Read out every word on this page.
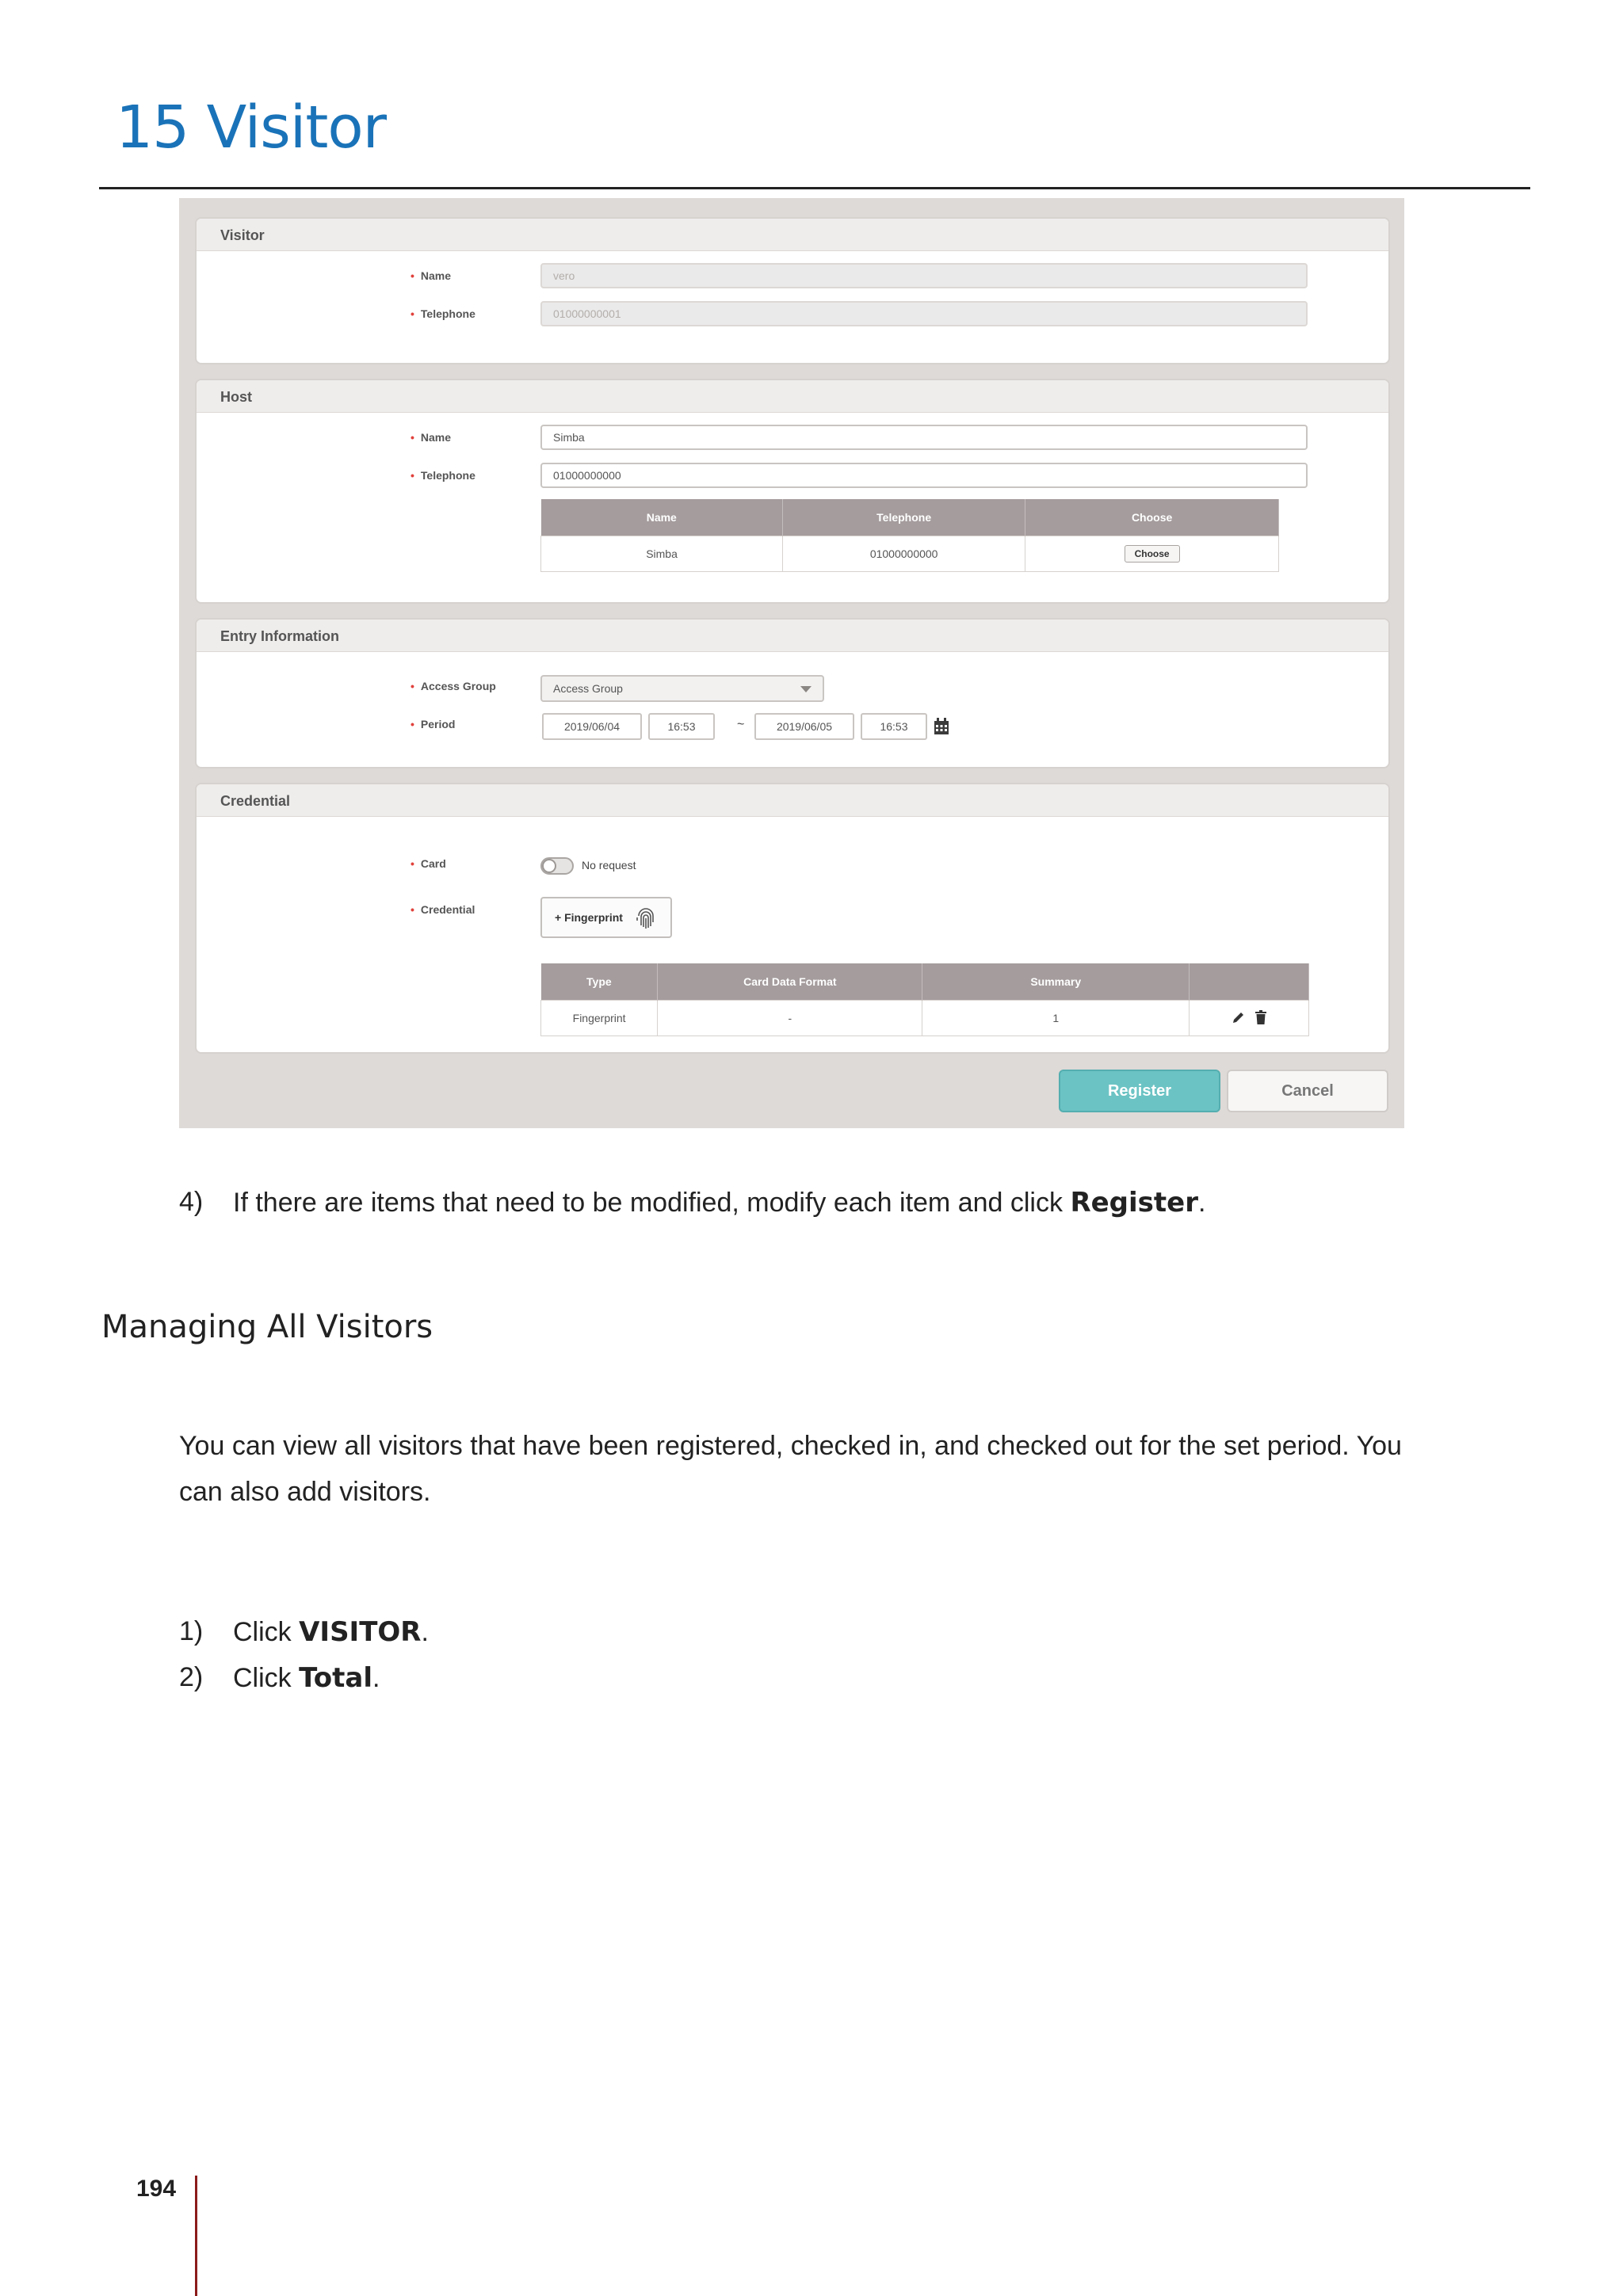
15 Visitor
Visitor
• Name	vero
• Telephone	01000000001
Host
• Name	Simba
• Telephone	01000000000
Name	Telephone	Choose
Simba	01000000000	Choose
Entry Information
• Access Group	Access Group
• Period	2019/06/04	16:53	~	2019/06/05	16:53
Credential
• Card	No request
• Credential
+ Fingerprint
Type	Card Data Format	Summary	
Fingerprint	-	1	
Register	Cancel
4) If there are items that need to be modified, modify each item and click Register.
Managing All Visitors
You can view all visitors that have been registered, checked in, and checked out for the set period. You
can also add visitors.
1) Click VISITOR.
2) Click Total.
194
